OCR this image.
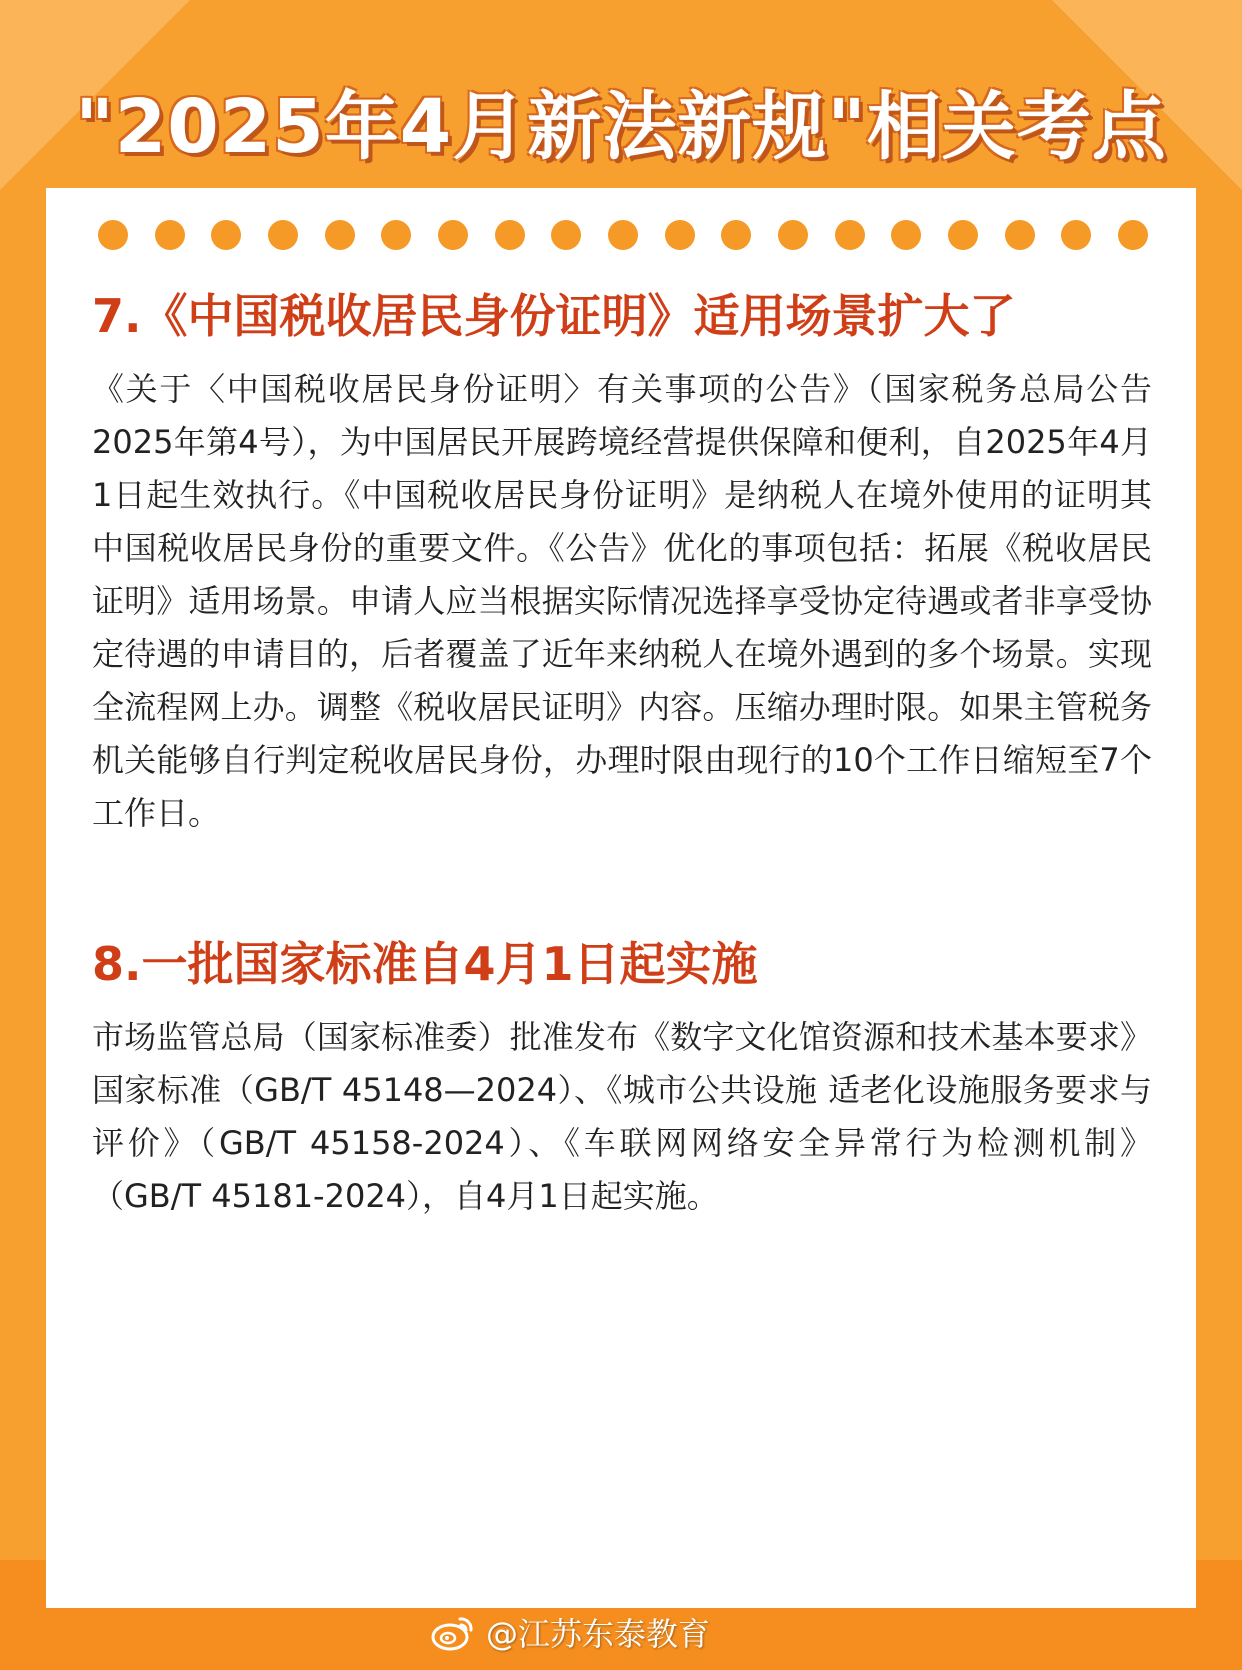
"2025年4月新法新规"相关考点
7.《中国税收居民身份证明》适用场景扩大了
《关于〈中国税收居民身份证明〉有关事项的公告》（国家税务总局公告2025年第4号），为中国居民开展跨境经营提供保障和便利，自2025年4月1日起生效执行。《中国税收居民身份证明》是纳税人在境外使用的证明其中国税收居民身份的重要文件。《公告》优化的事项包括：拓展《税收居民证明》适用场景。申请人应当根据实际情况选择享受协定待遇或者非享受协定待遇的申请目的，后者覆盖了近年来纳税人在境外遇到的多个场景。实现全流程网上办。调整《税收居民证明》内容。压缩办理时限。如果主管税务机关能够自行判定税收居民身份，办理时限由现行的10个工作日缩短至7个工作日。
8.一批国家标准自4月1日起实施
市场监管总局（国家标准委）批准发布《数字文化馆资源和技术基本要求》国家标准（GB/T 45148—2024）、《城市公共设施 适老化设施服务要求与评价》（GB/T 45158-2024）、《车联网网络安全异常行为检测机制》（GB/T 45181-2024），自4月1日起实施。
@江苏东泰教育
